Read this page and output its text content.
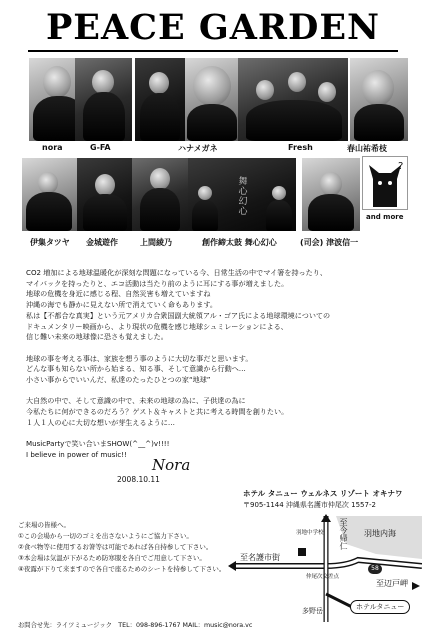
PEACE GARDEN
nora	G-FA	ハナメガネ	Fresh	春山祐希枝
舞心幻心
?
伊集タツヤ 金城遊作	上間綾乃	創作締太鼓 舞心幻心	(司会) 津波信一
and more

CO2 増加による地球温暖化が深刻な問題になっている今、日常生活の中でマイ箸を持ったり、
マイバックを持ったりと、エコ活動は当たり前のように耳にする事が増えました。
地球の危機を身近に感じる程、自然災害も増えていますね
沖縄の海でも静かに見えない所で消えていく命もあります。
私は【不都合な真実】という元アメリカ合衆国副大統領アル・ゴア氏による地球環境についての
ドキュメンタリー映画から、より現状の危機を感じ地球シュミレーションによる、
信じ難い未来の地球像に恐さも覚えました。

地球の事を考える事は、家族を想う事のように大切な事だと思います。
どんな事も知らない所から始まる、知る事、そして意識から行動へ…
小さい事からでいいんだ、私達のたったひとつの家“地球”

大自然の中で、そして意識の中で、未来の地球の為に、子供達の為に
今私たちに何ができるのだろう？ゲスト＆キャストと共に考える時間を創りたい。
１人１人の心に大切な想いが芽生えるように…

MusicPartyで笑い合いまSHOW(^__^)v!!!!
I believe in power of music!!

Nora
2008.10.11
ホテル タニュー ウェルネス リゾート オキナワ
〒905-1144 沖縄県名護市仲尾次 1557-2
ご来場の皆様へ。
①この会場から一切のゴミを出さないようにご協力下さい。
②食べ物等に使用するお箸等は可能であれば各自持参して下さい。
③本会場は気温が下がるため防寒服を各自でご用意して下さい。
④夜露が下りて来ますので各自で座るためのシートを持参して下さい。
至今帰仁 羽地内海
至名護市街
羽地中学校
仲尾次交差点
58
至辺戸岬
多野岳	ホテルタニュー
お問合せ先：ライツミュージック　TEL：098-896-1767 MAIL：music@nora.vc
